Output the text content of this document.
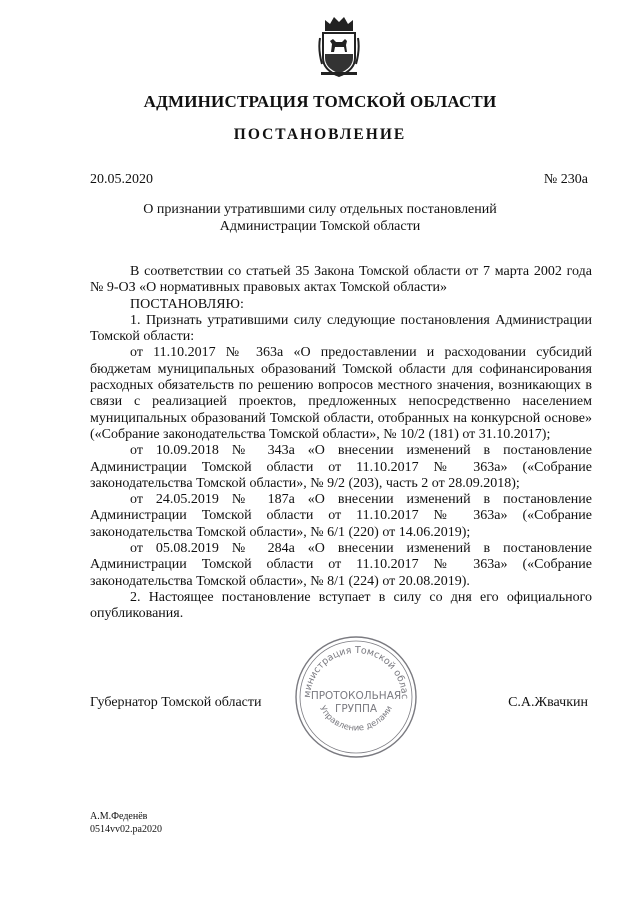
АДМИНИСТРАЦИЯ ТОМСКОЙ ОБЛАСТИ
ПОСТАНОВЛЕНИЕ
20.05.2020	№ 230а
О признании утратившими силу отдельных постановлений
Администрации Томской области

В соответствии со статьей 35 Закона Томской области от 7 марта 2002 года № 9-ОЗ «О нормативных правовых актах Томской области»

ПОСТАНОВЛЯЮ:

1. Признать утратившими силу следующие постановления Администрации Томской области:

от 11.10.2017 № 363а «О предоставлении и расходовании субсидий бюджетам муниципальных образований Томской области для софинансирования расходных обязательств по решению вопросов местного значения, возникающих в связи с реализацией проектов, предложенных непосредственно населением муниципальных образований Томской области, отобранных на конкурсной основе» («Собрание законодательства Томской области», № 10/2 (181) от 31.10.2017);

от 10.09.2018 № 343а «О внесении изменений в постановление Администрации Томской области от 11.10.2017 № 363а» («Собрание законодательства Томской области», № 9/2 (203), часть 2 от 28.09.2018);

от 24.05.2019 № 187а «О внесении изменений в постановление Администрации Томской области от 11.10.2017 № 363а» («Собрание законодательства Томской области», № 6/1 (220) от 14.06.2019);

от 05.08.2019 № 284а «О внесении изменений в постановление Администрации Томской области от 11.10.2017 № 363а» («Собрание законодательства Томской области», № 8/1 (224) от 20.08.2019).

2. Настоящее постановление вступает в силу со дня его официального опубликования.

Губернатор Томской области	С.А.Жвачкин
министрация Томской облас
Управление делами
ПРОТОКОЛЬНАЯ
ГРУППА
А.М.Феденёв
0514vv02.ра2020
